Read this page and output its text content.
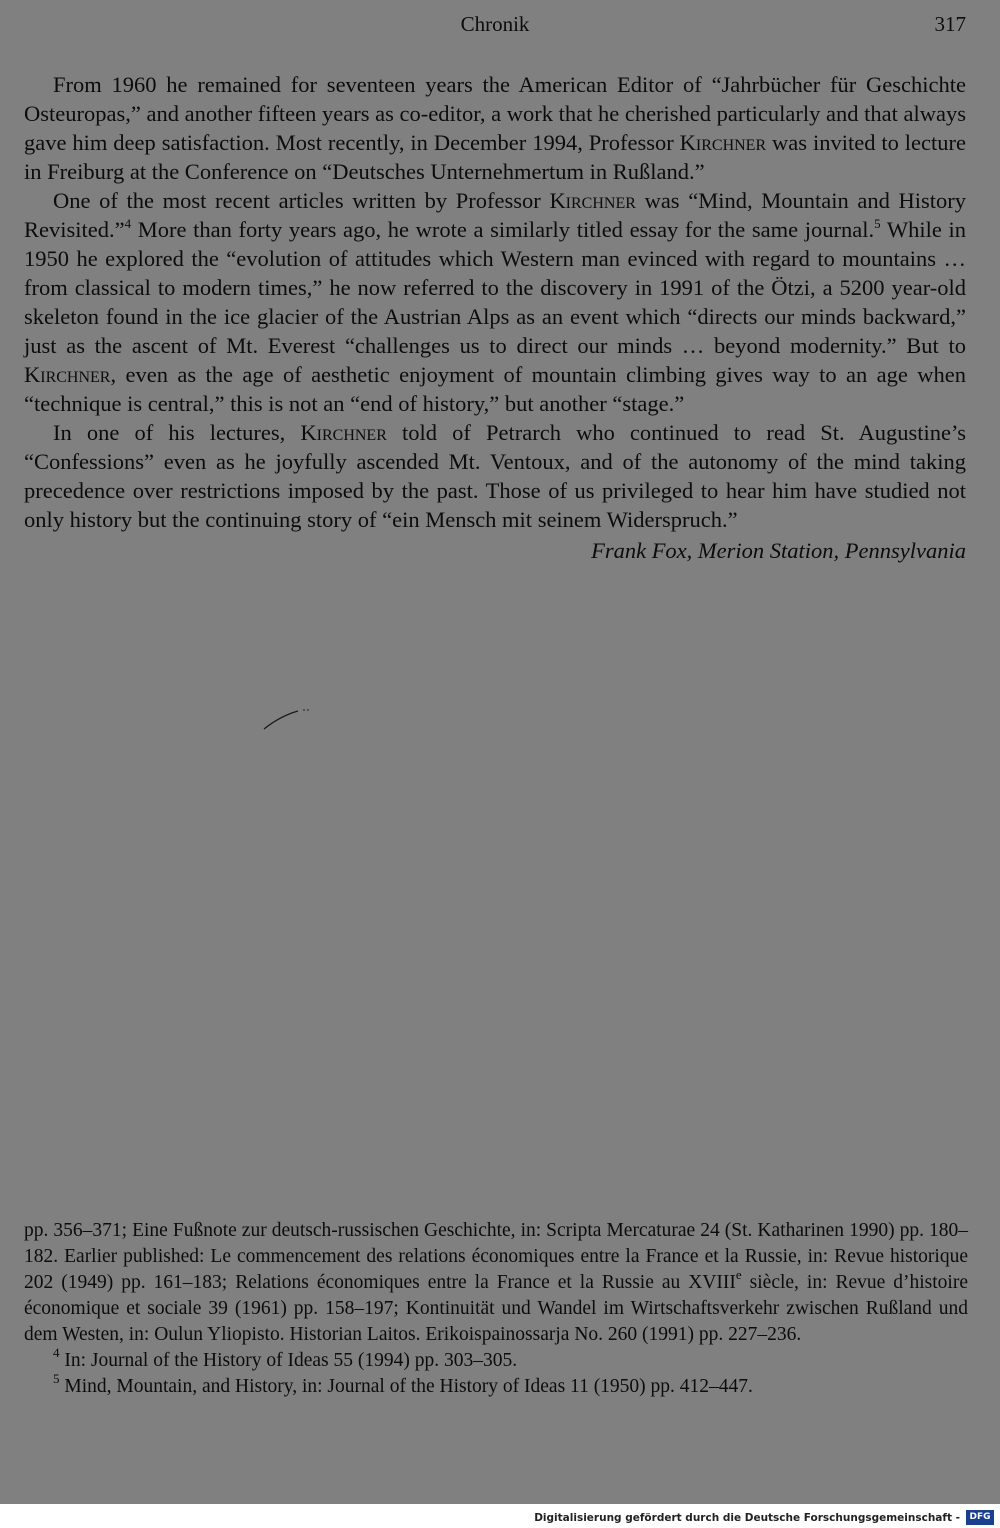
Chronik	317

From 1960 he remained for seventeen years the American Editor of “Jahrbücher für Geschichte Osteuropas,” and another fifteen years as co-editor, a work that he cherished particularly and that always gave him deep satisfaction. Most recently, in December 1994, Professor Kirchner was invited to lecture in Freiburg at the Conference on “Deutsches Unternehmertum in Rußland.”

One of the most recent articles written by Professor Kirchner was “Mind, Mountain and History Revisited.”$^4$ More than forty years ago, he wrote a similarly titled essay for the same journal.$^5$ While in 1950 he explored the “evolution of attitudes which Western man evinced with regard to mountains … from classical to modern times,” he now referred to the discovery in 1991 of the Ötzi, a 5200 year-old skeleton found in the ice glacier of the Austrian Alps as an event which “directs our minds backward,” just as the ascent of Mt. Everest “challenges us to direct our minds … beyond modernity.” But to Kirchner, even as the age of aesthetic enjoyment of mountain climbing gives way to an age when “technique is central,” this is not an “end of history,” but another “stage.”

In one of his lectures, Kirchner told of Petrarch who continued to read St. Augustine’s “Confessions” even as he joyfully ascended Mt. Ventoux, and of the autonomy of the mind taking precedence over restrictions imposed by the past. Those of us privileged to hear him have studied not only history but the continuing story of “ein Mensch mit seinem Widerspruch.”

Frank Fox, Merion Station, Pennsylvania

pp. 356–371; Eine Fußnote zur deutsch-russischen Geschichte, in: Scripta Mercaturae 24 (St. Katharinen 1990) pp. 180–182. Earlier published: Le commencement des relations économiques entre la France et la Russie, in: Revue historique 202 (1949) pp. 161–183; Relations économiques entre la France et la Russie au XVIIIe siècle, in: Revue d’histoire économique et sociale 39 (1961) pp. 158–197; Kontinuität und Wandel im Wirtschaftsverkehr zwischen Rußland und dem Westen, in: Oulun Yliopisto. Historian Laitos. Erikoispainossarja No. 260 (1991) pp. 227–236.

$^4$ In: Journal of the History of Ideas 55 (1994) pp. 303–305.

$^5$ Mind, Mountain, and History, in: Journal of the History of Ideas 11 (1950) pp. 412–447.

Digitalisierung gefördert durch die Deutsche Forschungsgemeinschaft -	DFG
